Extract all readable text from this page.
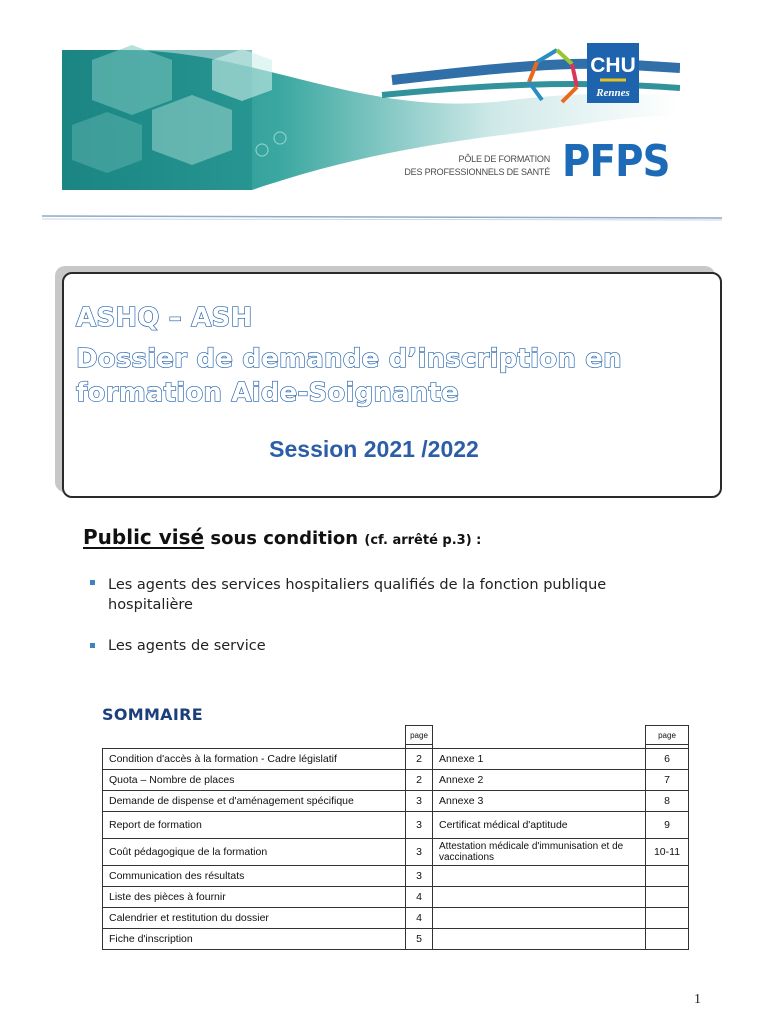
CHU
Rennes
PÔLE DE FORMATION
DES PROFESSIONNELS DE SANTÉ PFPS
ASHQ – ASH
Dossier de demande d’inscription en
formation Aide-Soignante
Session 2021 /2022
Public visé sous condition (cf. arrêté p.3) :
Les agents des services hospitaliers qualifiés de la fonction publique hospitalière
Les agents de service
SOMMAIRE
	page		page

Condition d'accès à la formation - Cadre législatif	2	Annexe 1	6
Quota – Nombre de places	2	Annexe 2	7
Demande de dispense et d'aménagement spécifique	3	Annexe 3	8
Report de formation	3	Certificat médical d'aptitude	9
Coût pédagogique de la formation	3	Attestation médicale d'immunisation et de vaccinations	10-11
Communication des résultats	3		
Liste des pièces à fournir	4		
Calendrier et restitution du dossier	4		
Fiche d'inscription	5		
1
